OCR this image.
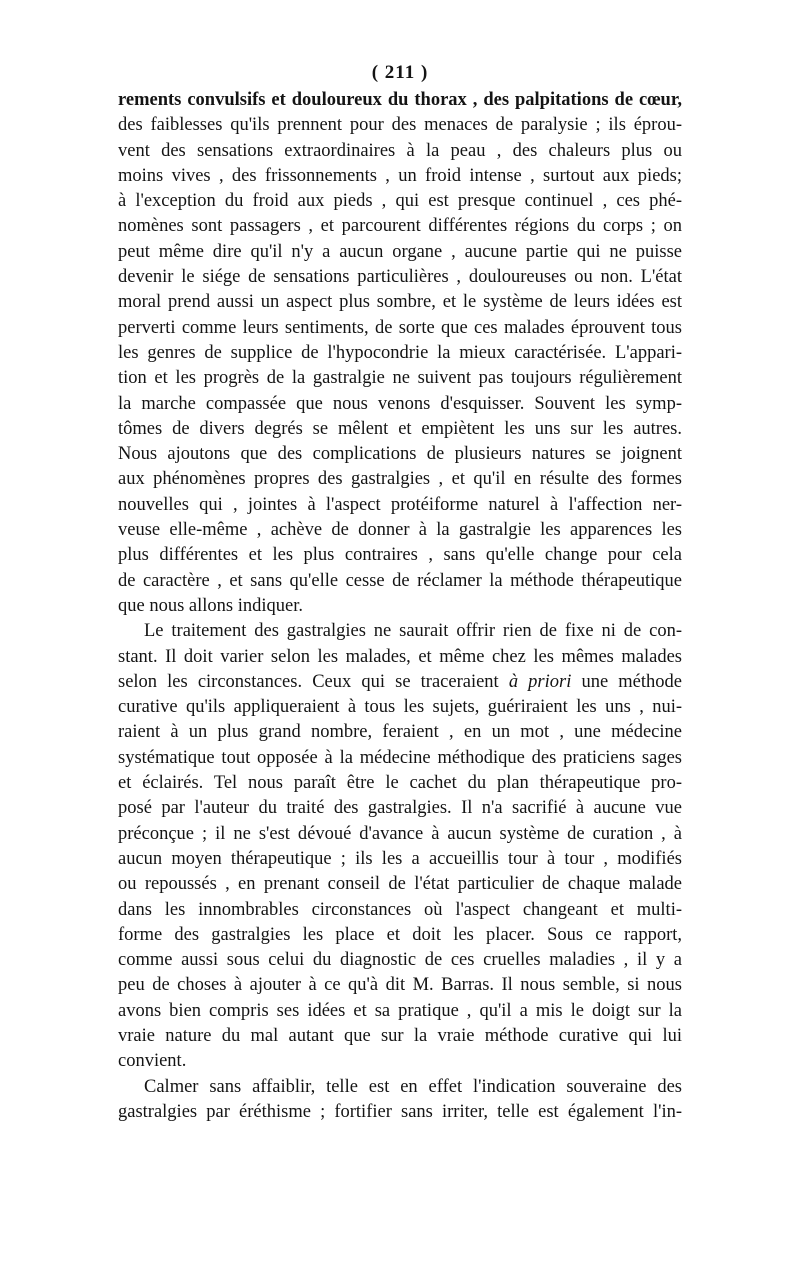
( 211 )
rements convulsifs et douloureux du thorax , des palpitations de cœur,
des faiblesses qu'ils prennent pour des menaces de paralysie ; ils éprou-
vent des sensations extraordinaires à la peau , des chaleurs plus ou
moins vives , des frissonnements , un froid intense , surtout aux pieds;
à l'exception du froid aux pieds , qui est presque continuel , ces phé-
nomènes sont passagers , et parcourent différentes régions du corps ; on
peut même dire qu'il n'y a aucun organe , aucune partie qui ne puisse
devenir le siége de sensations particulières , douloureuses ou non. L'état
moral prend aussi un aspect plus sombre, et le système de leurs idées est
perverti comme leurs sentiments, de sorte que ces malades éprouvent tous
les genres de supplice de l'hypocondrie la mieux caractérisée. L'appari-
tion et les progrès de la gastralgie ne suivent pas toujours régulièrement
la marche compassée que nous venons d'esquisser. Souvent les symp-
tômes de divers degrés se mêlent et empiètent les uns sur les autres.
Nous ajoutons que des complications de plusieurs natures se joignent
aux phénomènes propres des gastralgies , et qu'il en résulte des formes
nouvelles qui , jointes à l'aspect protéiforme naturel à l'affection ner-
veuse elle-même , achève de donner à la gastralgie les apparences les
plus différentes et les plus contraires , sans qu'elle change pour cela
de caractère , et sans qu'elle cesse de réclamer la méthode thérapeutique
que nous allons indiquer.
Le traitement des gastralgies ne saurait offrir rien de fixe ni de con-
stant. Il doit varier selon les malades, et même chez les mêmes malades
selon les circonstances. Ceux qui se traceraient à priori une méthode
curative qu'ils appliqueraient à tous les sujets, guériraient les uns , nui-
raient à un plus grand nombre, feraient , en un mot , une médecine
systématique tout opposée à la médecine méthodique des praticiens sages
et éclairés. Tel nous paraît être le cachet du plan thérapeutique pro-
posé par l'auteur du traité des gastralgies. Il n'a sacrifié à aucune vue
préconçue ; il ne s'est dévoué d'avance à aucun système de curation , à
aucun moyen thérapeutique ; ils les a accueillis tour à tour , modifiés
ou repoussés , en prenant conseil de l'état particulier de chaque malade
dans les innombrables circonstances où l'aspect changeant et multi-
forme des gastralgies les place et doit les placer. Sous ce rapport,
comme aussi sous celui du diagnostic de ces cruelles maladies , il y a
peu de choses à ajouter à ce qu'à dit M. Barras. Il nous semble, si nous
avons bien compris ses idées et sa pratique , qu'il a mis le doigt sur la
vraie nature du mal autant que sur la vraie méthode curative qui lui
convient.
Calmer sans affaiblir, telle est en effet l'indication souveraine des
gastralgies par éréthisme ; fortifier sans irriter, telle est également l'in-
